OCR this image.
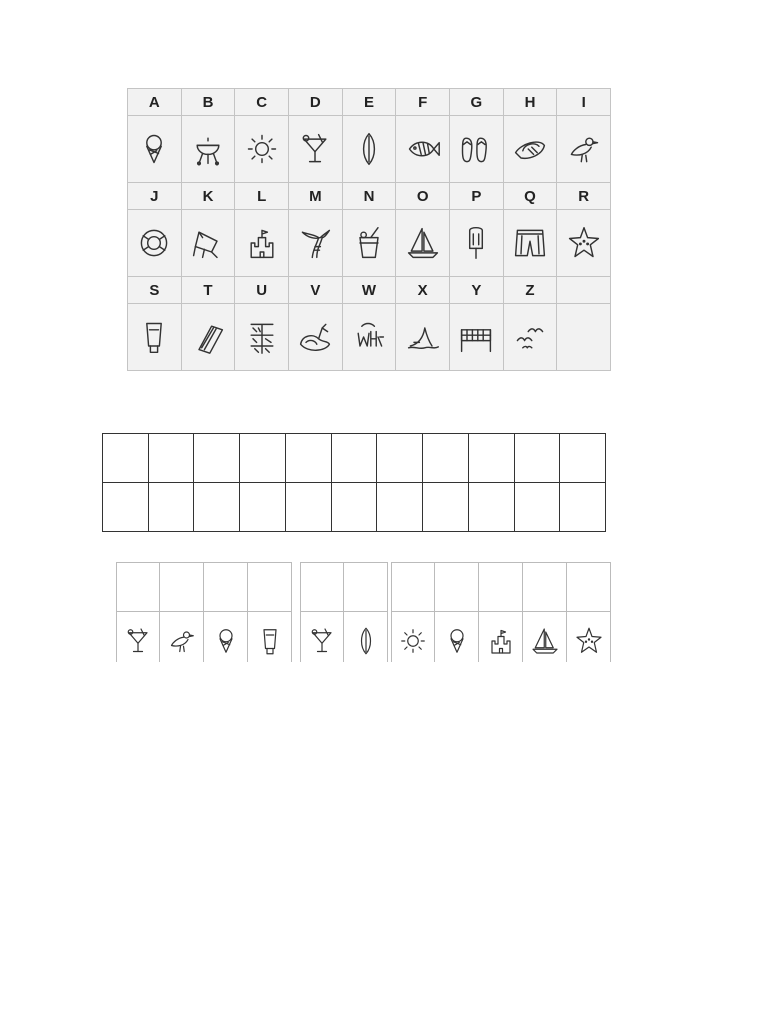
A	B	C	D	E	F	G	H	I
J	K	L	M	N	O	P	Q	R
S	T	U	V	W	X	Y	Z
